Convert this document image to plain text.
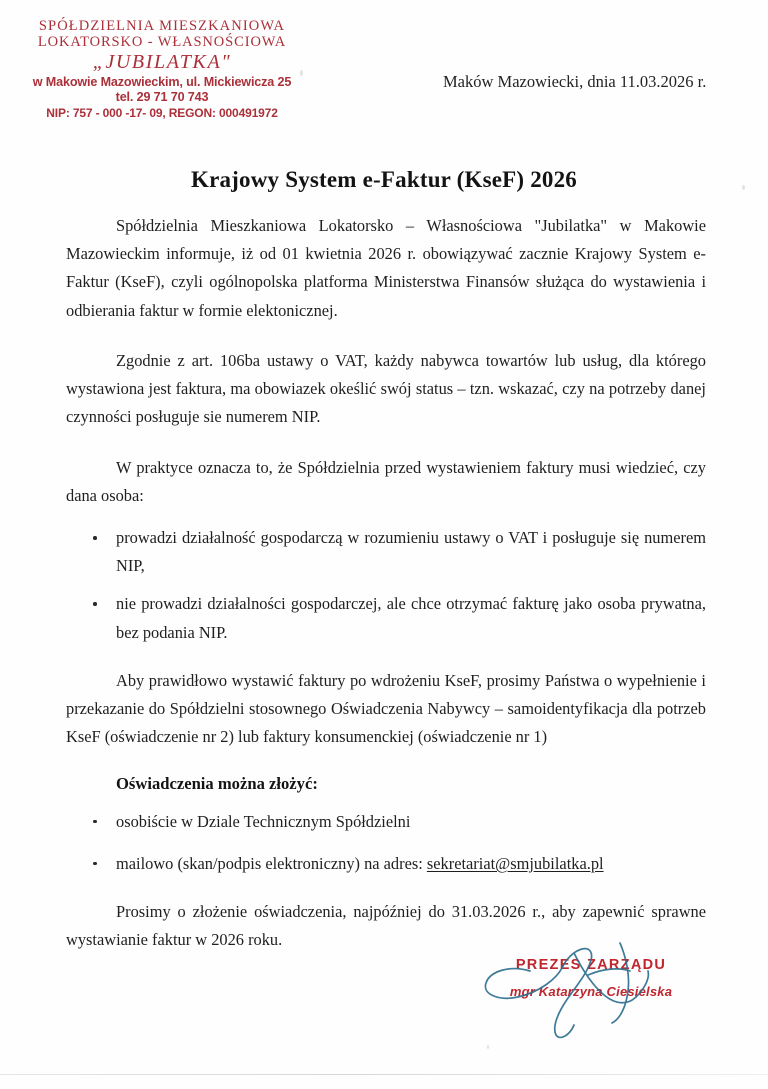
SPÓŁDZIELNIA MIESZKANIOWA
LOKATORSKO - WŁASNOŚCIOWA
„JUBILATKA"
w Makowie Mazowieckim, ul. Mickiewicza 25
tel. 29 71 70 743
NIP: 757 - 000 -17- 09, REGON: 000491972
Maków Mazowiecki, dnia 11.03.2026 r.
Krajowy System e-Faktur (KseF) 2026

Spółdzielnia Mieszkaniowa Lokatorsko – Własnościowa "Jubilatka" w Makowie Mazowieckim informuje, iż od 01 kwietnia 2026 r. obowiązywać zacznie Krajowy System e-Faktur (KseF), czyli ogólnopolska platforma Ministerstwa Finansów służąca do wystawienia i odbierania faktur w formie elektonicznej.

Zgodnie z art. 106ba ustawy o VAT, każdy nabywca towartów lub usług, dla którego wystawiona jest faktura, ma obowiazek okeślić swój status – tzn. wskazać, czy na potrzeby danej czynności posługuje sie numerem NIP.

W praktyce oznacza to, że Spółdzielnia przed wystawieniem faktury musi wiedzieć, czy dana osoba:

prowadzi działalność gospodarczą w rozumieniu ustawy o VAT i posługuje się numerem NIP,
nie prowadzi działalności gospodarczej, ale chce otrzymać fakturę jako osoba prywatna, bez podania NIP.

Aby prawidłowo wystawić faktury po wdrożeniu KseF, prosimy Państwa o wypełnienie i przekazanie do Spółdzielni stosownego Oświadczenia Nabywcy – samoidentyfikacja dla potrzeb KseF (oświadczenie nr 2) lub faktury konsumenckiej (oświadczenie nr 1)

Oświadczenia można złożyć:
osobiście w Dziale Technicznym Spółdzielni
mailowo (skan/podpis elektroniczny) na adres: sekretariat@smjubilatka.pl

Prosimy o złożenie oświadczenia, najpóźniej do 31.03.2026 r., aby zapewnić sprawne wystawianie faktur w 2026 roku.

PREZES ZARZĄDU
mgr Katarzyna Ciesielska
